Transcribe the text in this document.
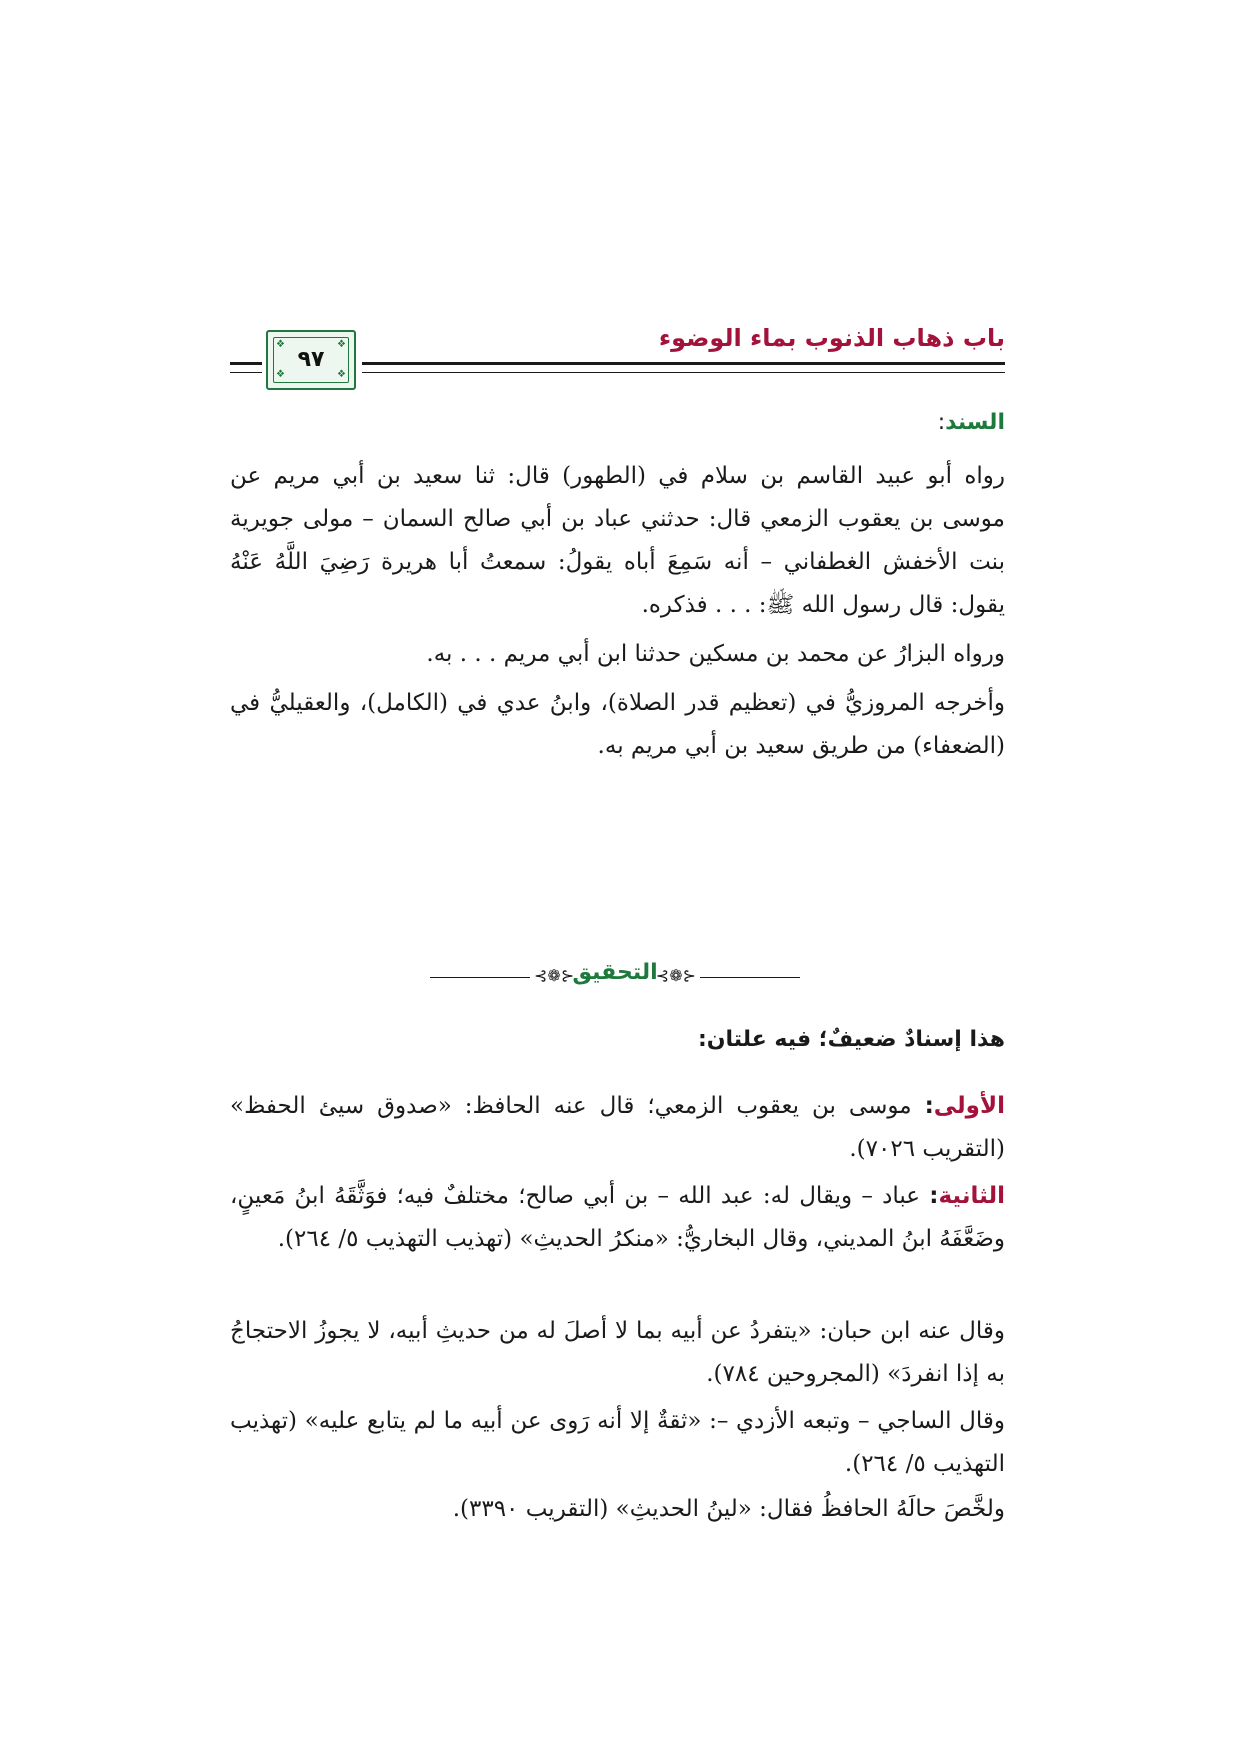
باب ذهاب الذنوب بماء الوضوء
❖	❖
❖	❖
٩٧
السند:
رواه أبو عبيد القاسم بن سلام في (الطهور) قال: ثنا سعيد بن أبي مريم عن موسى بن يعقوب الزمعي قال: حدثني عباد بن أبي صالح السمان – مولى جويرية بنت الأخفش الغطفاني – أنه سَمِعَ أباه يقولُ: سمعتُ أبا هريرة رَضِيَ اللَّهُ عَنْهُ يقول: قال رسول الله ﷺ: . . . فذكره.
ورواه البزارُ عن محمد بن مسكين حدثنا ابن أبي مريم . . . به.
وأخرجه المروزيُّ في (تعظيم قدر الصلاة)، وابنُ عدي في (الكامل)، والعقيليُّ في (الضعفاء) من طريق سعيد بن أبي مريم به.
⊰❁⊱
التحقيق
⊰❁⊱
هذا إسنادٌ ضعيفٌ؛ فيه علتان:
الأولى: موسى بن يعقوب الزمعي؛ قال عنه الحافظ: «صدوق سيئ الحفظ» (التقريب ٧٠٢٦).
الثانية: عباد – ويقال له: عبد الله – بن أبي صالح؛ مختلفٌ فيه؛ فوَثَّقَهُ ابنُ مَعينٍ، وضَعَّفَهُ ابنُ المديني، وقال البخاريُّ: «منكرُ الحديثِ» (تهذيب التهذيب ٥/ ٢٦٤).
وقال عنه ابن حبان: «يتفردُ عن أبيه بما لا أصلَ له من حديثِ أبيه، لا يجوزُ الاحتجاجُ به إذا انفردَ» (المجروحين ٧٨٤).
وقال الساجي – وتبعه الأزدي –: «ثقةٌ إلا أنه رَوى عن أبيه ما لم يتابع عليه» (تهذيب التهذيب ٥/ ٢٦٤).
ولخَّصَ حالَهُ الحافظُ فقال: «لينُ الحديثِ» (التقريب ٣٣٩٠).
